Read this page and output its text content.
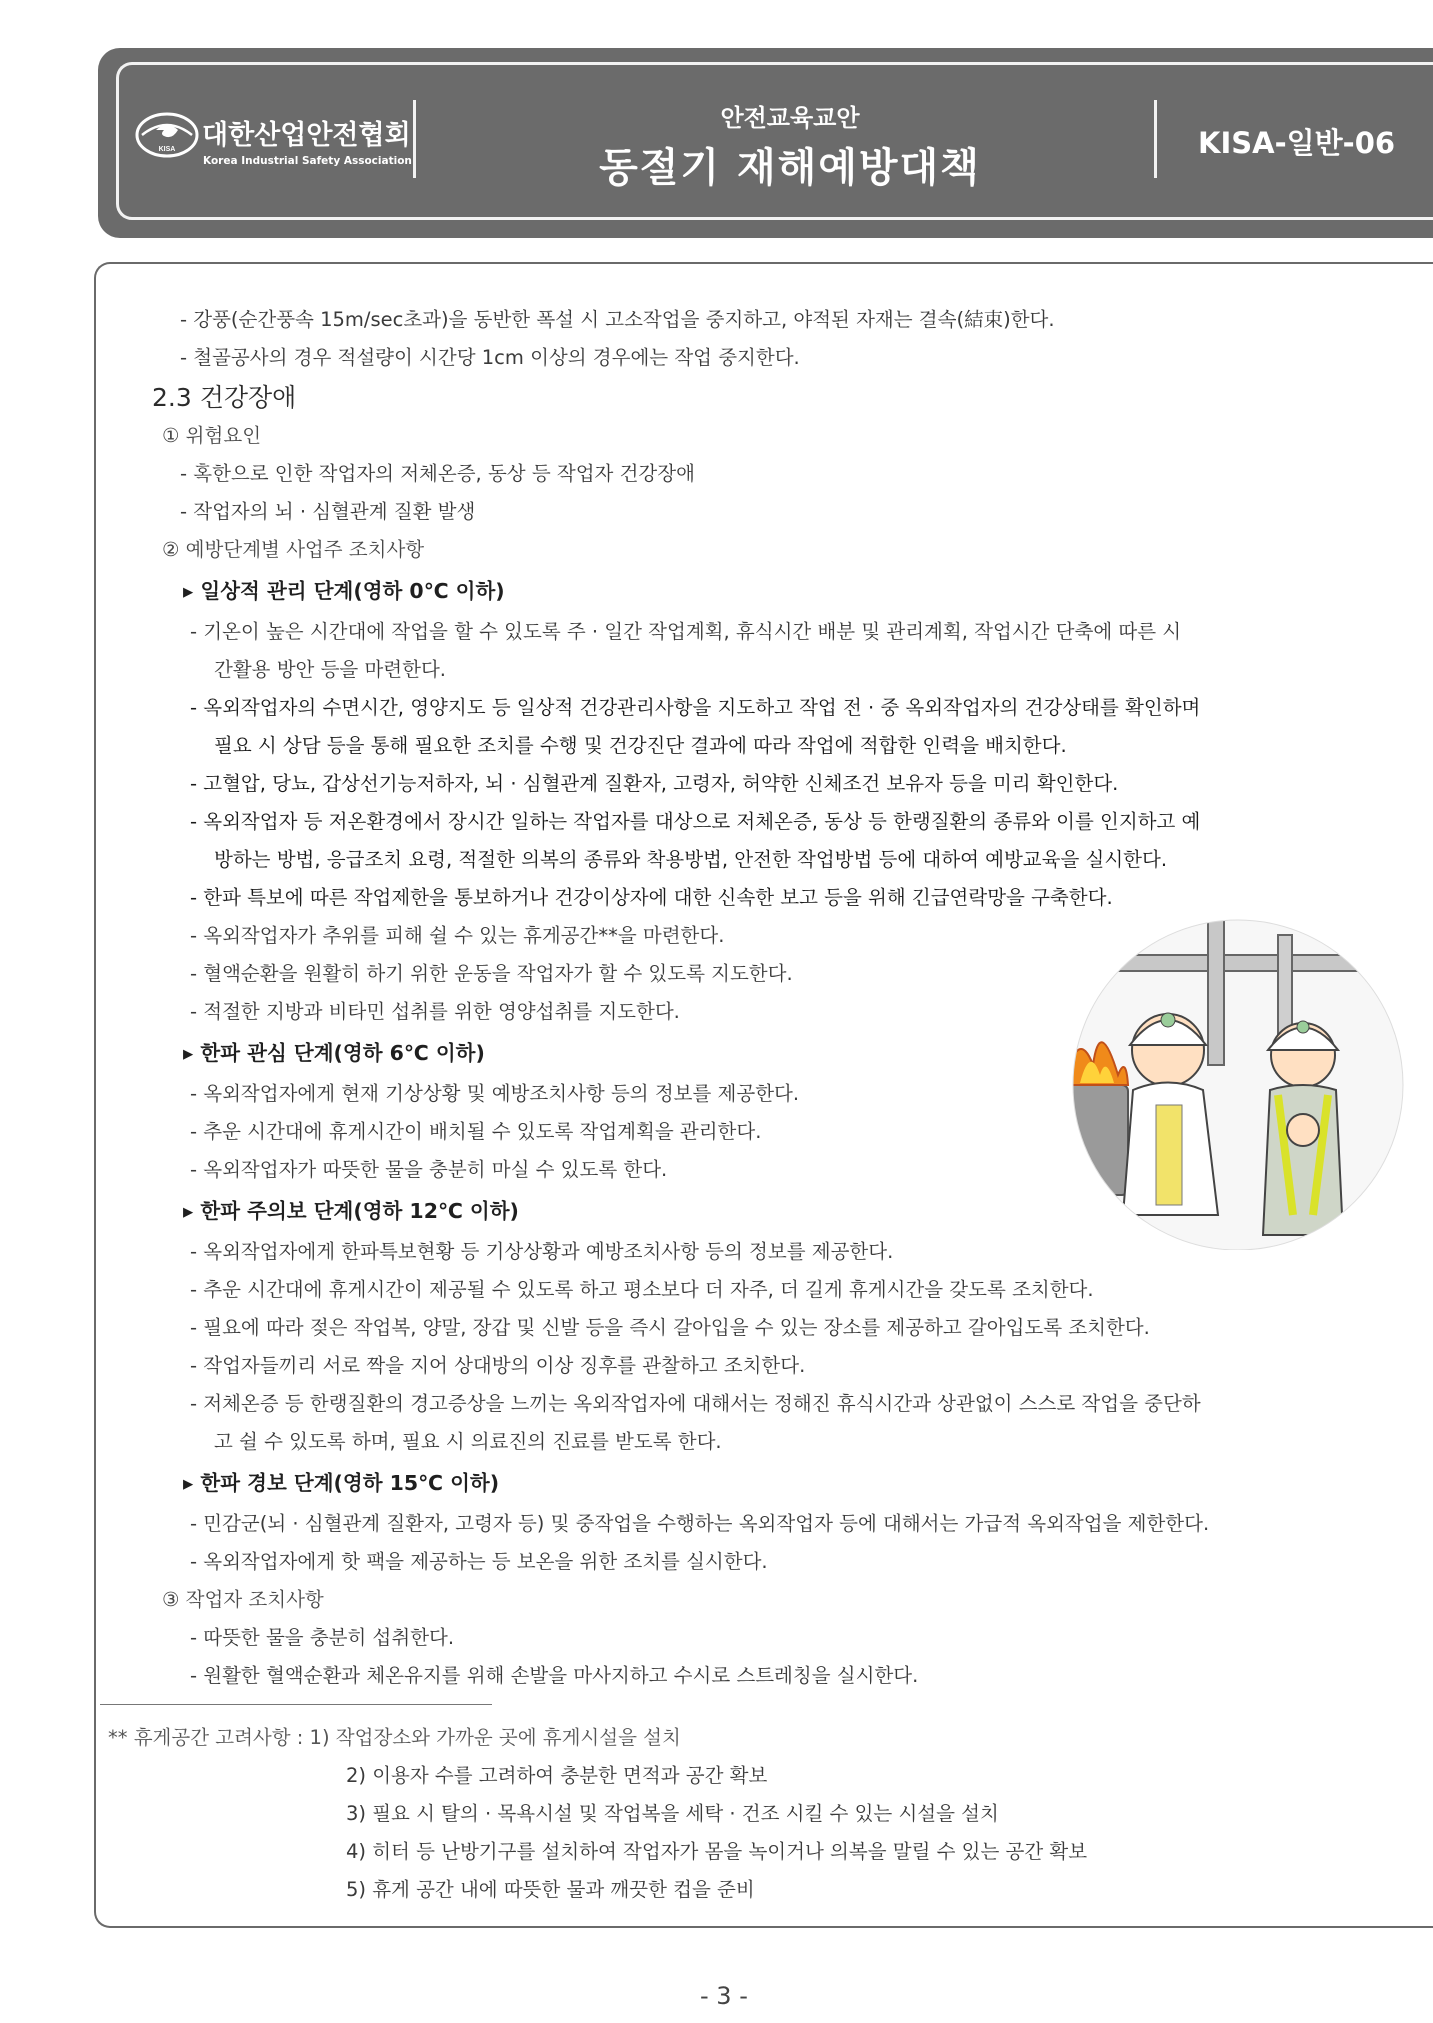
KISA 대한산업안전협회
Korea Industrial Safety Association
안전교육교안
동절기 재해예방대책
KISA-일반-06
- 강풍(순간풍속 15m/sec초과)을 동반한 폭설 시 고소작업을 중지하고, 야적된 자재는 결속(結束)한다.
- 철골공사의 경우 적설량이 시간당 1cm 이상의 경우에는 작업 중지한다.
2.3 건강장애
① 위험요인
- 혹한으로 인한 작업자의 저체온증, 동상 등 작업자 건강장애
- 작업자의 뇌 · 심혈관계 질환 발생
② 예방단계별 사업주 조치사항
▸ 일상적 관리 단계(영하 0℃ 이하)
- 기온이 높은 시간대에 작업을 할 수 있도록 주 · 일간 작업계획, 휴식시간 배분 및 관리계획, 작업시간 단축에 따른 시
간활용 방안 등을 마련한다.
- 옥외작업자의 수면시간, 영양지도 등 일상적 건강관리사항을 지도하고 작업 전 · 중 옥외작업자의 건강상태를 확인하며
필요 시 상담 등을 통해 필요한 조치를 수행 및 건강진단 결과에 따라 작업에 적합한 인력을 배치한다.
- 고혈압, 당뇨, 갑상선기능저하자, 뇌 · 심혈관계 질환자, 고령자, 허약한 신체조건 보유자 등을 미리 확인한다.
- 옥외작업자 등 저온환경에서 장시간 일하는 작업자를 대상으로 저체온증, 동상 등 한랭질환의 종류와 이를 인지하고 예
방하는 방법, 응급조치 요령, 적절한 의복의 종류와 착용방법, 안전한 작업방법 등에 대하여 예방교육을 실시한다.
- 한파 특보에 따른 작업제한을 통보하거나 건강이상자에 대한 신속한 보고 등을 위해 긴급연락망을 구축한다.
- 옥외작업자가 추위를 피해 쉴 수 있는 휴게공간**을 마련한다.
- 혈액순환을 원활히 하기 위한 운동을 작업자가 할 수 있도록 지도한다.
- 적절한 지방과 비타민 섭취를 위한 영양섭취를 지도한다.
▸ 한파 관심 단계(영하 6℃ 이하)
- 옥외작업자에게 현재 기상상황 및 예방조치사항 등의 정보를 제공한다.
- 추운 시간대에 휴게시간이 배치될 수 있도록 작업계획을 관리한다.
- 옥외작업자가 따뜻한 물을 충분히 마실 수 있도록 한다.
▸ 한파 주의보 단계(영하 12℃ 이하)
- 옥외작업자에게 한파특보현황 등 기상상황과 예방조치사항 등의 정보를 제공한다.
- 추운 시간대에 휴게시간이 제공될 수 있도록 하고 평소보다 더 자주, 더 길게 휴게시간을 갖도록 조치한다.
- 필요에 따라 젖은 작업복, 양말, 장갑 및 신발 등을 즉시 갈아입을 수 있는 장소를 제공하고 갈아입도록 조치한다.
- 작업자들끼리 서로 짝을 지어 상대방의 이상 징후를 관찰하고 조치한다.
- 저체온증 등 한랭질환의 경고증상을 느끼는 옥외작업자에 대해서는 정해진 휴식시간과 상관없이 스스로 작업을 중단하
고 쉴 수 있도록 하며, 필요 시 의료진의 진료를 받도록 한다.
▸ 한파 경보 단계(영하 15℃ 이하)
- 민감군(뇌 · 심혈관계 질환자, 고령자 등) 및 중작업을 수행하는 옥외작업자 등에 대해서는 가급적 옥외작업을 제한한다.
- 옥외작업자에게 핫 팩을 제공하는 등 보온을 위한 조치를 실시한다.
③ 작업자 조치사항
- 따뜻한 물을 충분히 섭취한다.
- 원활한 혈액순환과 체온유지를 위해 손발을 마사지하고 수시로 스트레칭을 실시한다.
** 휴게공간 고려사항 : 1) 작업장소와 가까운 곳에 휴게시설을 설치
2) 이용자 수를 고려하여 충분한 면적과 공간 확보
3) 필요 시 탈의 · 목욕시설 및 작업복을 세탁 · 건조 시킬 수 있는 시설을 설치
4) 히터 등 난방기구를 설치하여 작업자가 몸을 녹이거나 의복을 말릴 수 있는 공간 확보
5) 휴게 공간 내에 따뜻한 물과 깨끗한 컵을 준비
- 3 -
